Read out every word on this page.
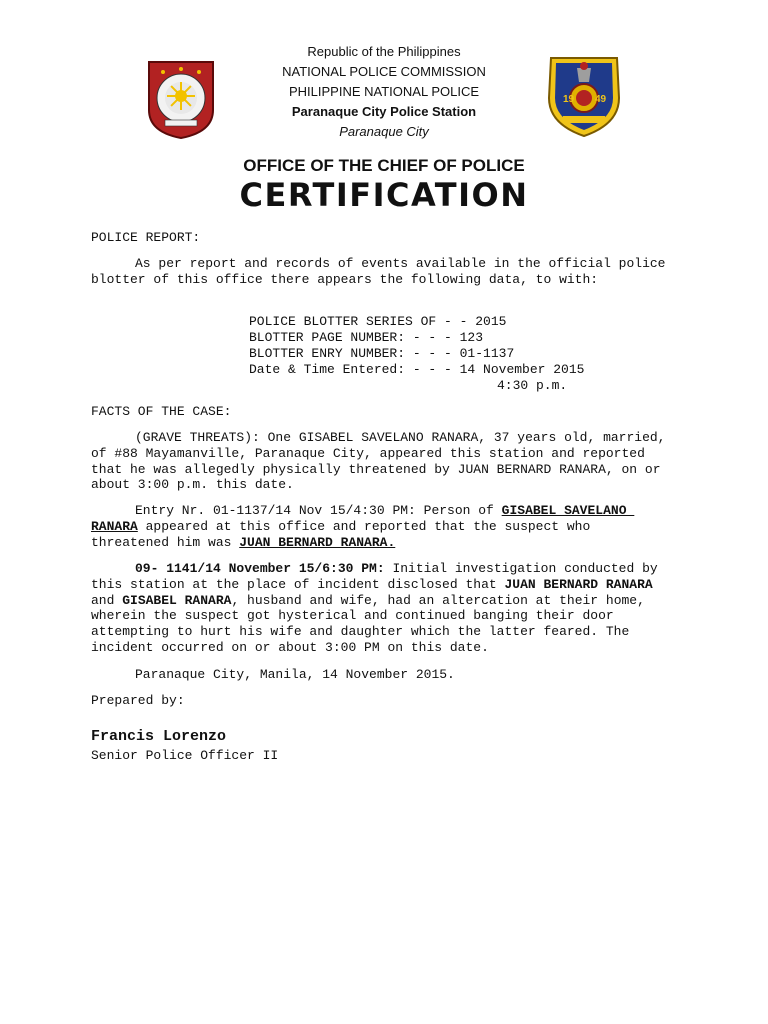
19 49
Republic of the Philippines
NATIONAL POLICE COMMISSION
PHILIPPINE NATIONAL POLICE
Paranaque City Police Station
Paranaque City
OFFICE OF THE CHIEF OF POLICE
CERTIFICATION
POLICE REPORT:
As per report and records of events available in the official police blotter of this office there appears the following data, to with:
POLICE BLOTTER SERIES OF - - 2015
BLOTTER PAGE NUMBER: - - - 123
BLOTTER ENRY NUMBER: - - - 01-1137
Date & Time Entered: - - - 14 November 2015
4:30 p.m.
FACTS OF THE CASE:
(GRAVE THREATS): One GISABEL SAVELANO RANARA, 37 years old, married, of #88 Mayamanville, Paranaque City, appeared this station and reported that he was allegedly physically threatened by JUAN BERNARD RANARA, on or about 3:00 p.m. this date.
Entry Nr. 01-1137/14 Nov 15/4:30 PM: Person of GISABEL SAVELANO RANARA appeared at this office and reported that the suspect who threatened him was JUAN BERNARD RANARA.
09- 1141/14 November 15/6:30 PM: Initial investigation conducted by this station at the place of incident disclosed that JUAN BERNARD RANARA and GISABEL RANARA, husband and wife, had an altercation at their home, wherein the suspect got hysterical and continued banging their door attempting to hurt his wife and daughter which the latter feared. The incident occurred on or about 3:00 PM on this date.
Paranaque City, Manila, 14 November 2015.
Prepared by:
Francis Lorenzo
Senior Police Officer II
